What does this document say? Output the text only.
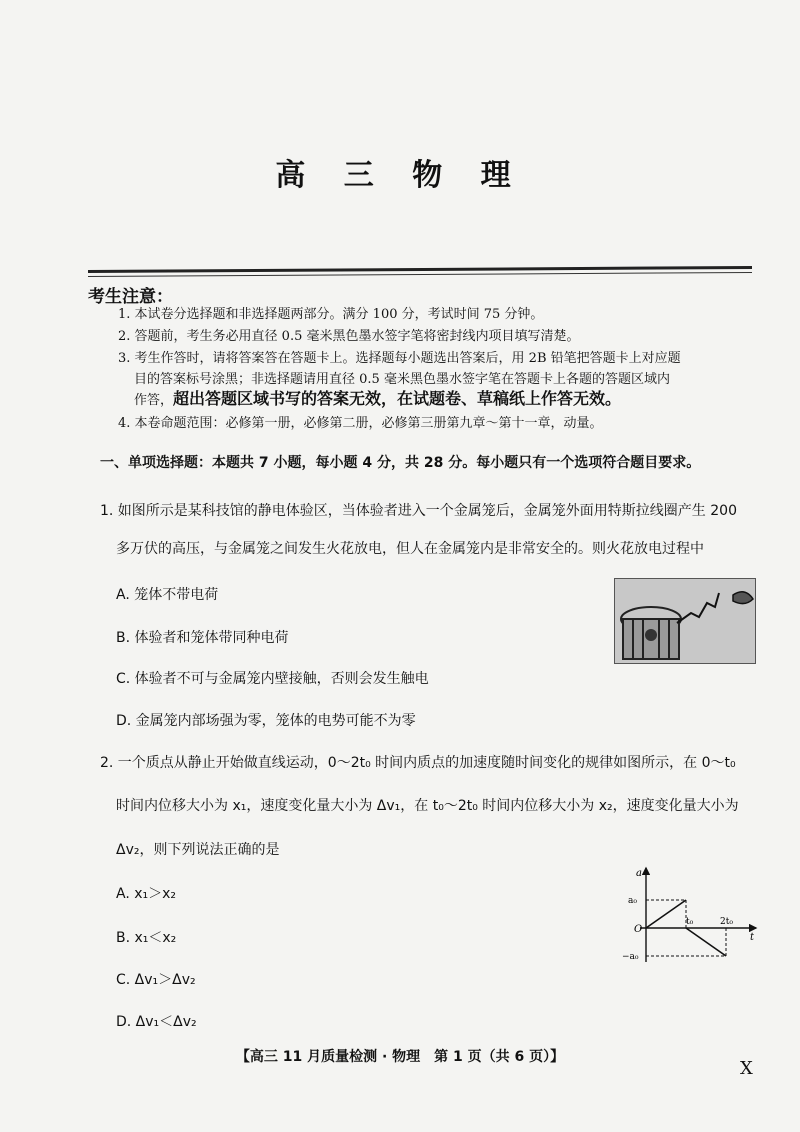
高 三 物 理
考生注意：
1. 本试卷分选择题和非选择题两部分。满分 100 分，考试时间 75 分钟。
2. 答题前，考生务必用直径 0.5 毫米黑色墨水签字笔将密封线内项目填写清楚。
3. 考生作答时，请将答案答在答题卡上。选择题每小题选出答案后，用 2B 铅笔把答题卡上对应题
目的答案标号涂黑；非选择题请用直径 0.5 毫米黑色墨水签字笔在答题卡上各题的答题区域内
作答，超出答题区域书写的答案无效，在试题卷、草稿纸上作答无效。
4. 本卷命题范围：必修第一册，必修第二册，必修第三册第九章～第十一章，动量。
一、单项选择题：本题共 7 小题，每小题 4 分，共 28 分。每小题只有一个选项符合题目要求。
1. 如图所示是某科技馆的静电体验区，当体验者进入一个金属笼后，金属笼外面用特斯拉线圈产生 200
多万伏的高压，与金属笼之间发生火花放电，但人在金属笼内是非常安全的。则火花放电过程中
A. 笼体不带电荷
B. 体验者和笼体带同种电荷
C. 体验者不可与金属笼内壁接触，否则会发生触电
D. 金属笼内部场强为零，笼体的电势可能不为零
2. 一个质点从静止开始做直线运动，0～2t₀ 时间内质点的加速度随时间变化的规律如图所示，在 0～t₀
时间内位移大小为 x₁，速度变化量大小为 Δv₁，在 t₀～2t₀ 时间内位移大小为 x₂，速度变化量大小为
Δv₂，则下列说法正确的是
A. x₁＞x₂
B. x₁＜x₂
C. Δv₁＞Δv₂
D. Δv₁＜Δv₂
a
a₀
O
−a₀
t₀	2t₀
t
【高三 11 月质量检测 · 物理　第 1 页（共 6 页）】
X
